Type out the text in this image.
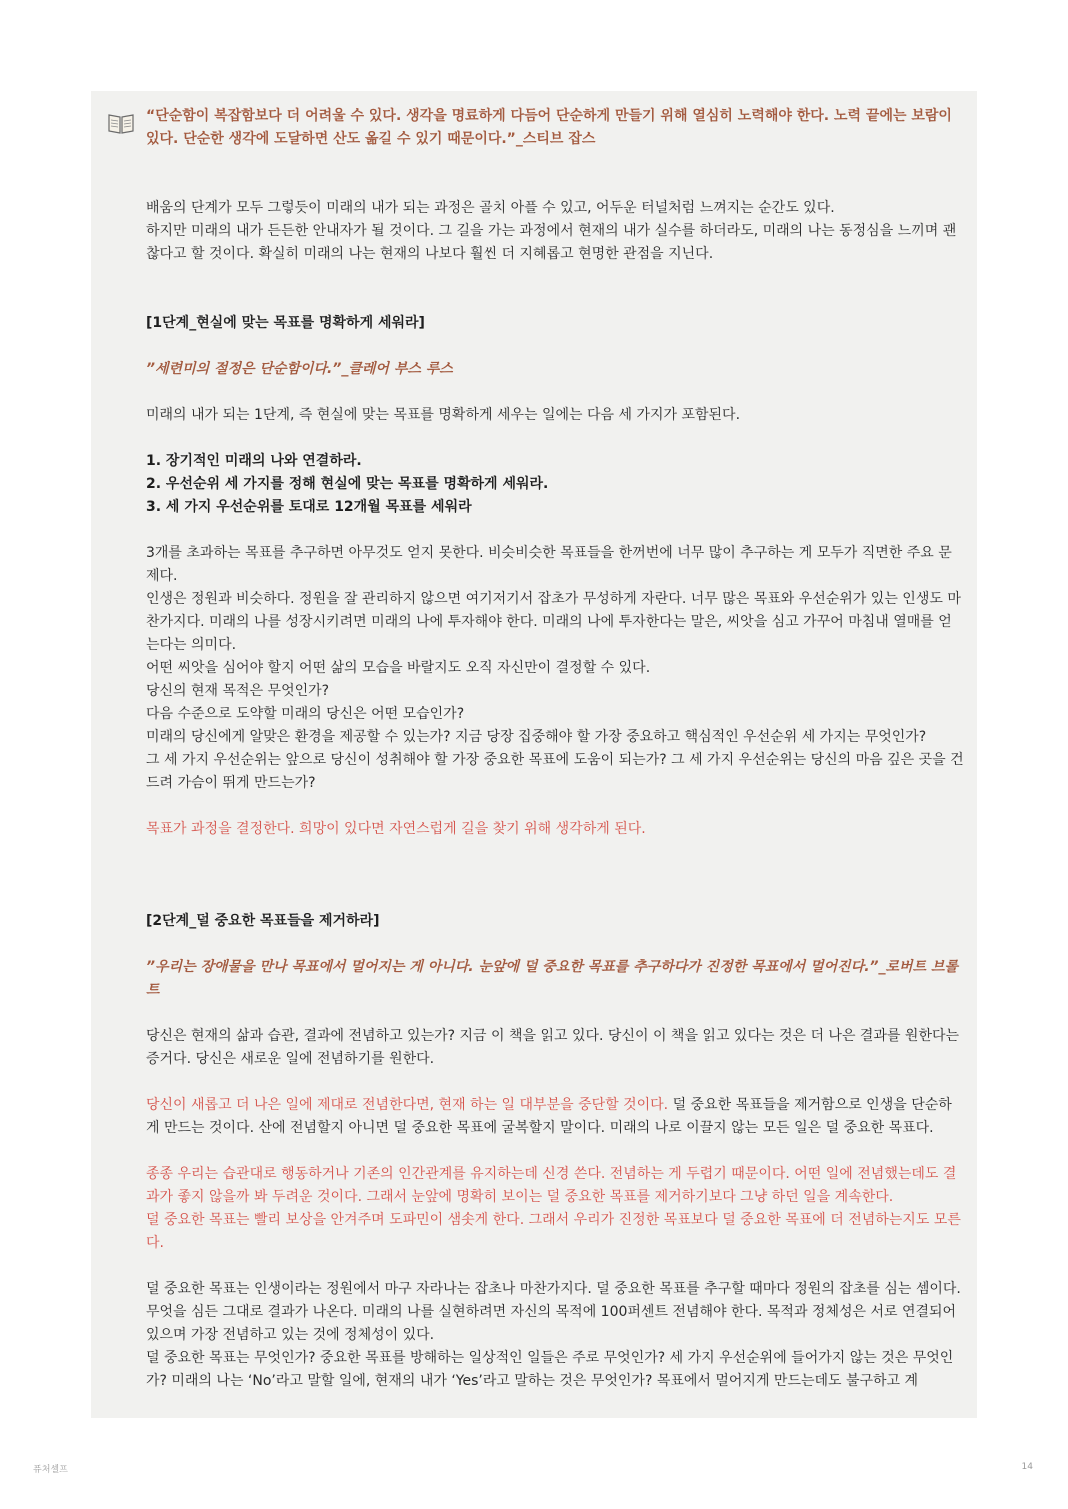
“단순함이 복잡함보다 더 어려울 수 있다. 생각을 명료하게 다듬어 단순하게 만들기 위해 열심히 노력해야 한다. 노력 끝에는 보람이 있다. 단순한 생각에 도달하면 산도 옮길 수 있기 때문이다.”_스티브 잡스

배움의 단계가 모두 그렇듯이 미래의 내가 되는 과정은 골치 아플 수 있고, 어두운 터널처럼 느껴지는 순간도 있다.
하지만 미래의 내가 든든한 안내자가 될 것이다. 그 길을 가는 과정에서 현재의 내가 실수를 하더라도, 미래의 나는 동정심을 느끼며 괜찮다고 할 것이다. 확실히 미래의 나는 현재의 나보다 훨씬 더 지혜롭고 현명한 관점을 지닌다.

[1단계_현실에 맞는 목표를 명확하게 세워라]

”세련미의 절정은 단순함이다.”_클레어 부스 루스

미래의 내가 되는 1단계, 즉 현실에 맞는 목표를 명확하게 세우는 일에는 다음 세 가지가 포함된다.

1. 장기적인 미래의 나와 연결하라.

2. 우선순위 세 가지를 정해 현실에 맞는 목표를 명확하게 세워라.

3. 세 가지 우선순위를 토대로 12개월 목표를 세워라

3개를 초과하는 목표를 추구하면 아무것도 얻지 못한다. 비슷비슷한 목표들을 한꺼번에 너무 많이 추구하는 게 모두가 직면한 주요 문제다.
인생은 정원과 비슷하다. 정원을 잘 관리하지 않으면 여기저기서 잡초가 무성하게 자란다. 너무 많은 목표와 우선순위가 있는 인생도 마찬가지다. 미래의 나를 성장시키려면 미래의 나에 투자해야 한다. 미래의 나에 투자한다는 말은, 씨앗을 심고 가꾸어 마침내 열매를 얻는다는 의미다.
어떤 씨앗을 심어야 할지 어떤 삶의 모습을 바랄지도 오직 자신만이 결정할 수 있다.
당신의 현재 목적은 무엇인가?
다음 수준으로 도약할 미래의 당신은 어떤 모습인가?
미래의 당신에게 알맞은 환경을 제공할 수 있는가? 지금 당장 집중해야 할 가장 중요하고 핵심적인 우선순위 세 가지는 무엇인가?
그 세 가지 우선순위는 앞으로 당신이 성취해야 할 가장 중요한 목표에 도움이 되는가? 그 세 가지 우선순위는 당신의 마음 깊은 곳을 건드려 가슴이 뛰게 만드는가?

목표가 과정을 결정한다. 희망이 있다면 자연스럽게 길을 찾기 위해 생각하게 된다.

[2단계_덜 중요한 목표들을 제거하라]

”우리는 장애물을 만나 목표에서 멀어지는 게 아니다. 눈앞에 덜 중요한 목표를 추구하다가 진정한 목표에서 멀어진다.”_로버트 브롤트

당신은 현재의 삶과 습관, 결과에 전념하고 있는가? 지금 이 책을 읽고 있다. 당신이 이 책을 읽고 있다는 것은 더 나은 결과를 원한다는 증거다. 당신은 새로운 일에 전념하기를 원한다.

당신이 새롭고 더 나은 일에 제대로 전념한다면, 현재 하는 일 대부분을 중단할 것이다. 덜 중요한 목표들을 제거함으로 인생을 단순하게 만드는 것이다. 산에 전념할지 아니면 덜 중요한 목표에 굴복할지 말이다. 미래의 나로 이끌지 않는 모든 일은 덜 중요한 목표다.

종종 우리는 습관대로 행동하거나 기존의 인간관계를 유지하는데 신경 쓴다. 전념하는 게 두렵기 때문이다. 어떤 일에 전념했는데도 결과가 좋지 않을까 봐 두려운 것이다. 그래서 눈앞에 명확히 보이는 덜 중요한 목표를 제거하기보다 그냥 하던 일을 계속한다.
덜 중요한 목표는 빨리 보상을 안겨주며 도파민이 샘솟게 한다. 그래서 우리가 진정한 목표보다 덜 중요한 목표에 더 전념하는지도 모른다.

덜 중요한 목표는 인생이라는 정원에서 마구 자라나는 잡초나 마찬가지다. 덜 중요한 목표를 추구할 때마다 정원의 잡초를 심는 셈이다. 무엇을 심든 그대로 결과가 나온다. 미래의 나를 실현하려면 자신의 목적에 100퍼센트 전념해야 한다. 목적과 정체성은 서로 연결되어 있으며 가장 전념하고 있는 것에 정체성이 있다.
덜 중요한 목표는 무엇인가? 중요한 목표를 방해하는 일상적인 일들은 주로 무엇인가? 세 가지 우선순위에 들어가지 않는 것은 무엇인가? 미래의 나는 ‘No’라고 말할 일에, 현재의 내가 ‘Yes’라고 말하는 것은 무엇인가? 목표에서 멀어지게 만드는데도 불구하고 계

퓨처셀프	14
